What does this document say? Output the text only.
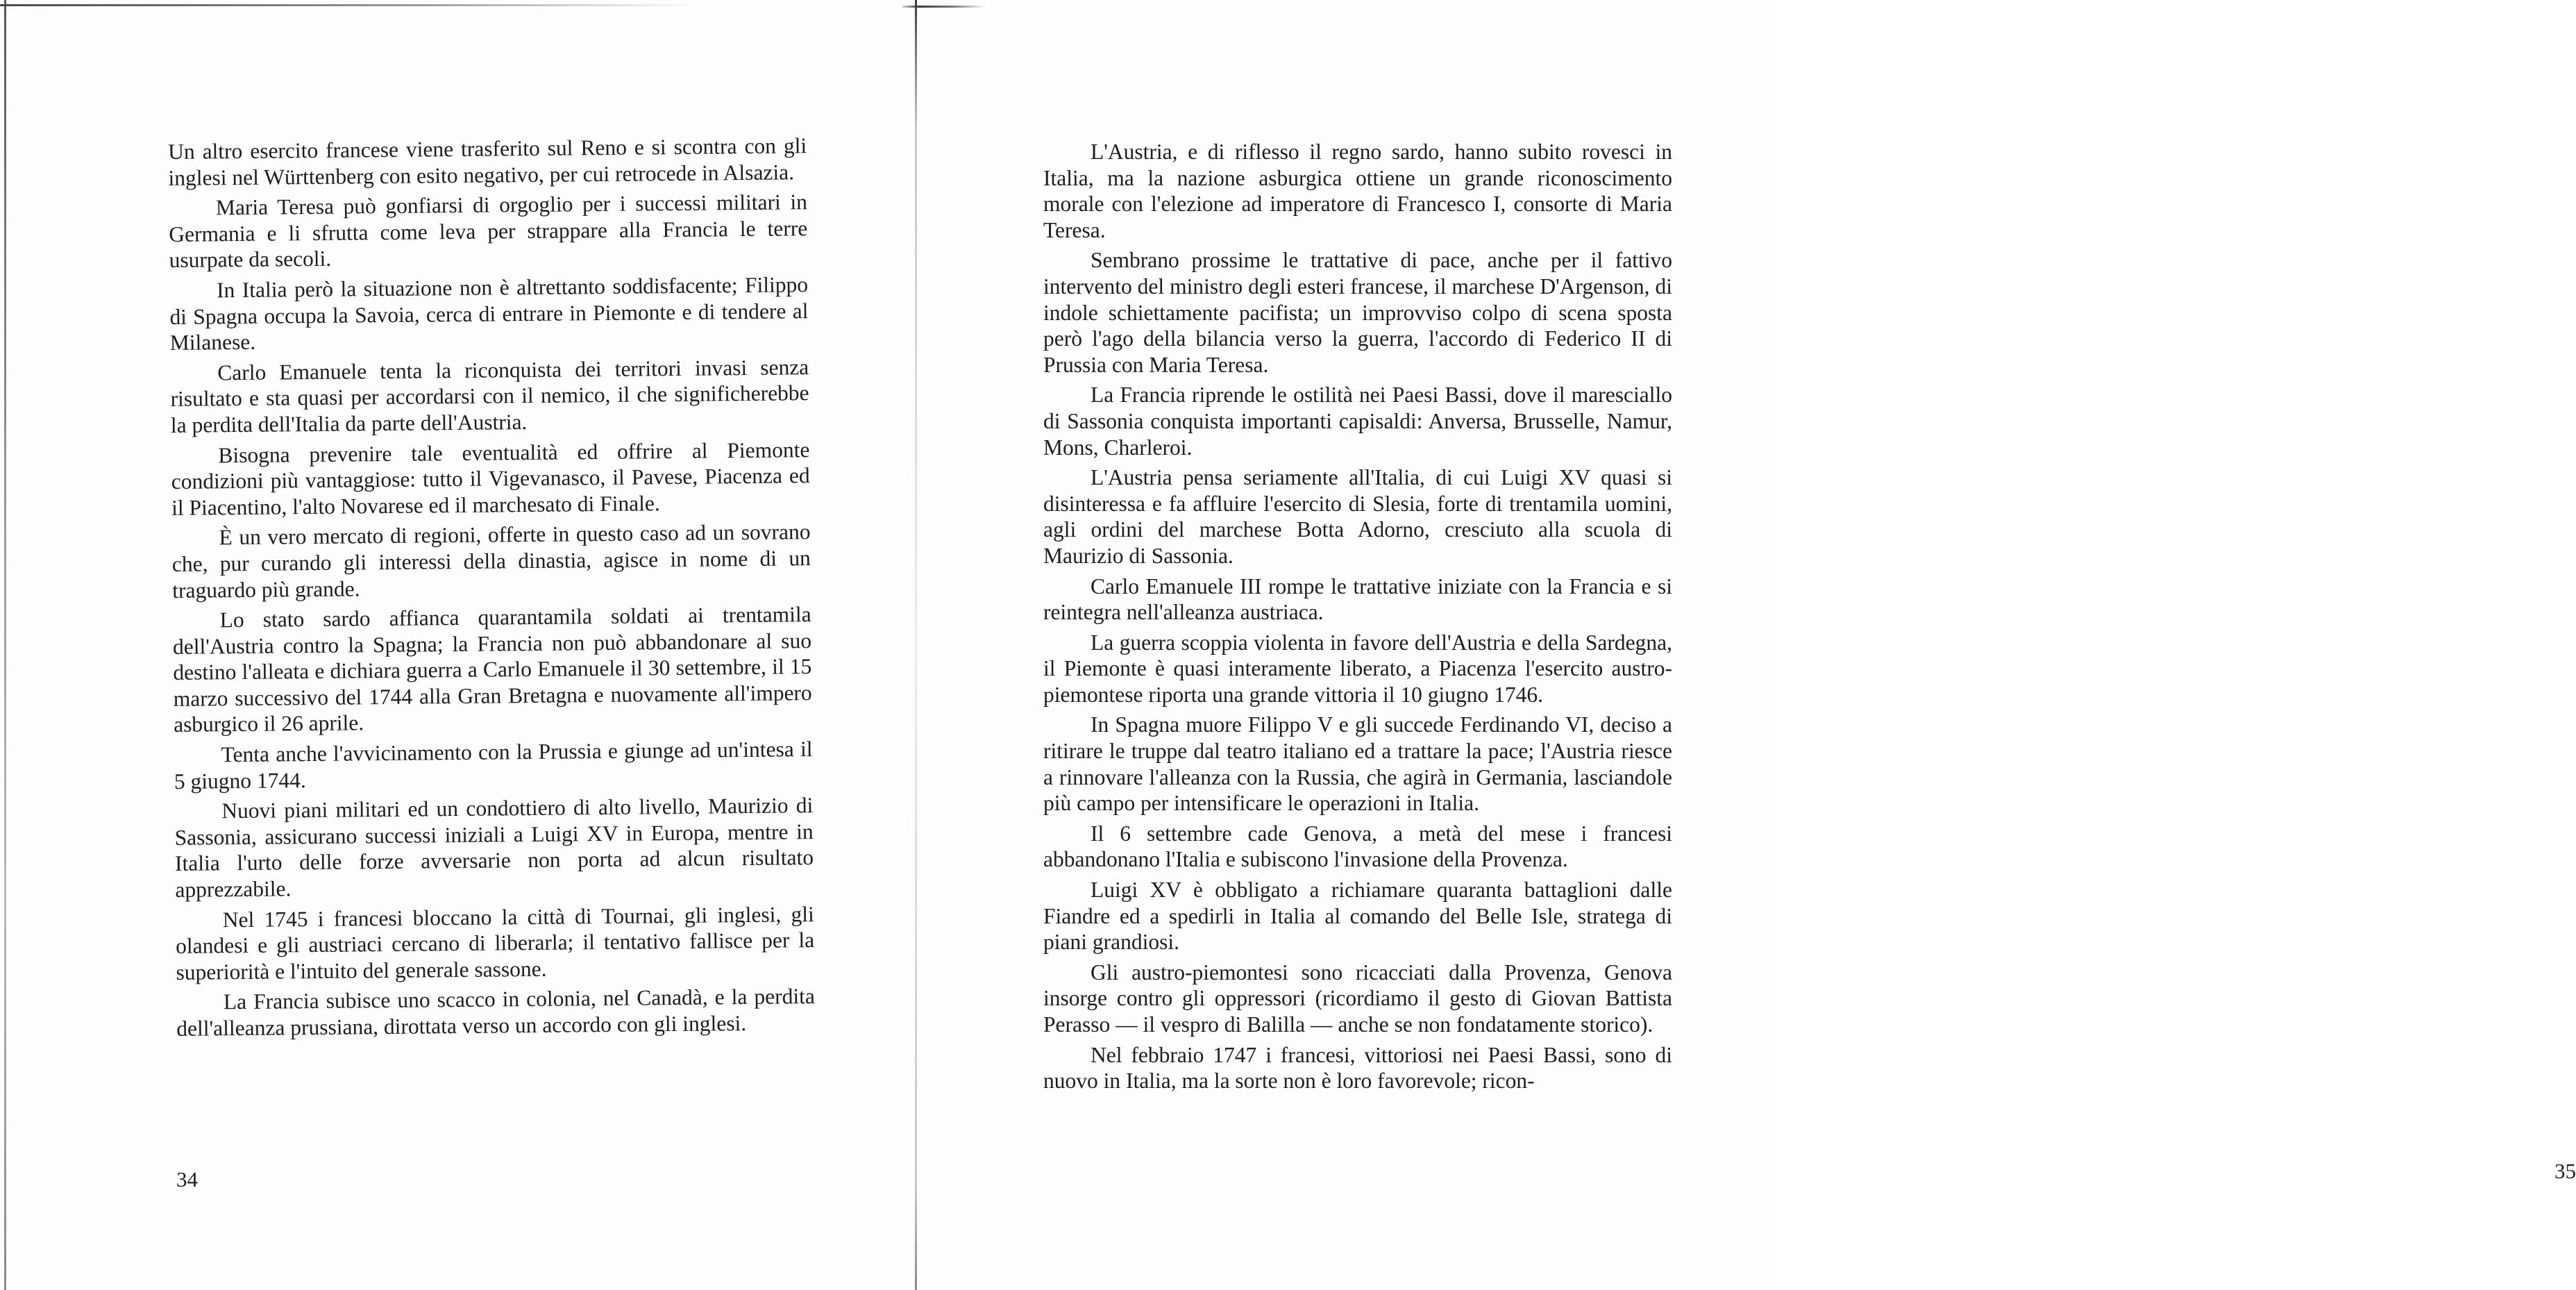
Un altro esercito francese viene trasferito sul Reno e si scontra con gli inglesi nel Württenberg con esito negativo, per cui retrocede in Alsazia.

Maria Teresa può gonfiarsi di orgoglio per i successi militari in Germania e li sfrutta come leva per strappare alla Francia le terre usurpate da secoli.

In Italia però la situazione non è altrettanto soddisfacente; Filippo di Spagna occupa la Savoia, cerca di entrare in Piemonte e di tendere al Milanese.

Carlo Emanuele tenta la riconquista dei territori invasi senza risultato e sta quasi per accordarsi con il nemico, il che significherebbe la perdita dell'Italia da parte dell'Austria.

Bisogna prevenire tale eventualità ed offrire al Piemonte condizioni più vantaggiose: tutto il Vigevanasco, il Pavese, Piacenza ed il Piacentino, l'alto Novarese ed il marchesato di Finale.

È un vero mercato di regioni, offerte in questo caso ad un sovrano che, pur curando gli interessi della dinastia, agisce in nome di un traguardo più grande.

Lo stato sardo affianca quarantamila soldati ai trentamila dell'Austria contro la Spagna; la Francia non può abbandonare al suo destino l'alleata e dichiara guerra a Carlo Emanuele il 30 settembre, il 15 marzo successivo del 1744 alla Gran Bretagna e nuovamente all'impero asburgico il 26 aprile.

Tenta anche l'avvicinamento con la Prussia e giunge ad un'intesa il 5 giugno 1744.

Nuovi piani militari ed un condottiero di alto livello, Maurizio di Sassonia, assicurano successi iniziali a Luigi XV in Europa, mentre in Italia l'urto delle forze avversarie non porta ad alcun risultato apprezzabile.

Nel 1745 i francesi bloccano la città di Tournai, gli inglesi, gli olandesi e gli austriaci cercano di liberarla; il tentativo fallisce per la superiorità e l'intuito del generale sassone.

La Francia subisce uno scacco in colonia, nel Canadà, e la perdita dell'alleanza prussiana, dirottata verso un accordo con gli inglesi.

34

L'Austria, e di riflesso il regno sardo, hanno subito rovesci in Italia, ma la nazione asburgica ottiene un grande riconoscimento morale con l'elezione ad imperatore di Francesco I, consorte di Maria Teresa.

Sembrano prossime le trattative di pace, anche per il fattivo intervento del ministro degli esteri francese, il marchese D'Argenson, di indole schiettamente pacifista; un improvviso colpo di scena sposta però l'ago della bilancia verso la guerra, l'accordo di Federico II di Prussia con Maria Teresa.

La Francia riprende le ostilità nei Paesi Bassi, dove il maresciallo di Sassonia conquista importanti capisaldi: Anversa, Brusselle, Namur, Mons, Charleroi.

L'Austria pensa seriamente all'Italia, di cui Luigi XV quasi si disinteressa e fa affluire l'esercito di Slesia, forte di trentamila uomini, agli ordini del marchese Botta Adorno, cresciuto alla scuola di Maurizio di Sassonia.

Carlo Emanuele III rompe le trattative iniziate con la Francia e si reintegra nell'alleanza austriaca.

La guerra scoppia violenta in favore dell'Austria e della Sardegna, il Piemonte è quasi interamente liberato, a Piacenza l'esercito austro-piemontese riporta una grande vittoria il 10 giugno 1746.

In Spagna muore Filippo V e gli succede Ferdinando VI, deciso a ritirare le truppe dal teatro italiano ed a trattare la pace; l'Austria riesce a rinnovare l'alleanza con la Russia, che agirà in Germania, lasciandole più campo per intensificare le operazioni in Italia.

Il 6 settembre cade Genova, a metà del mese i francesi abbandonano l'Italia e subiscono l'invasione della Provenza.

Luigi XV è obbligato a richiamare quaranta battaglioni dalle Fiandre ed a spedirli in Italia al comando del Belle Isle, stratega di piani grandiosi.

Gli austro-piemontesi sono ricacciati dalla Provenza, Genova insorge contro gli oppressori (ricordiamo il gesto di Giovan Battista Perasso — il vespro di Balilla — anche se non fondatamente storico).

Nel febbraio 1747 i francesi, vittoriosi nei Paesi Bassi, sono di nuovo in Italia, ma la sorte non è loro favorevole; ricon-

35
